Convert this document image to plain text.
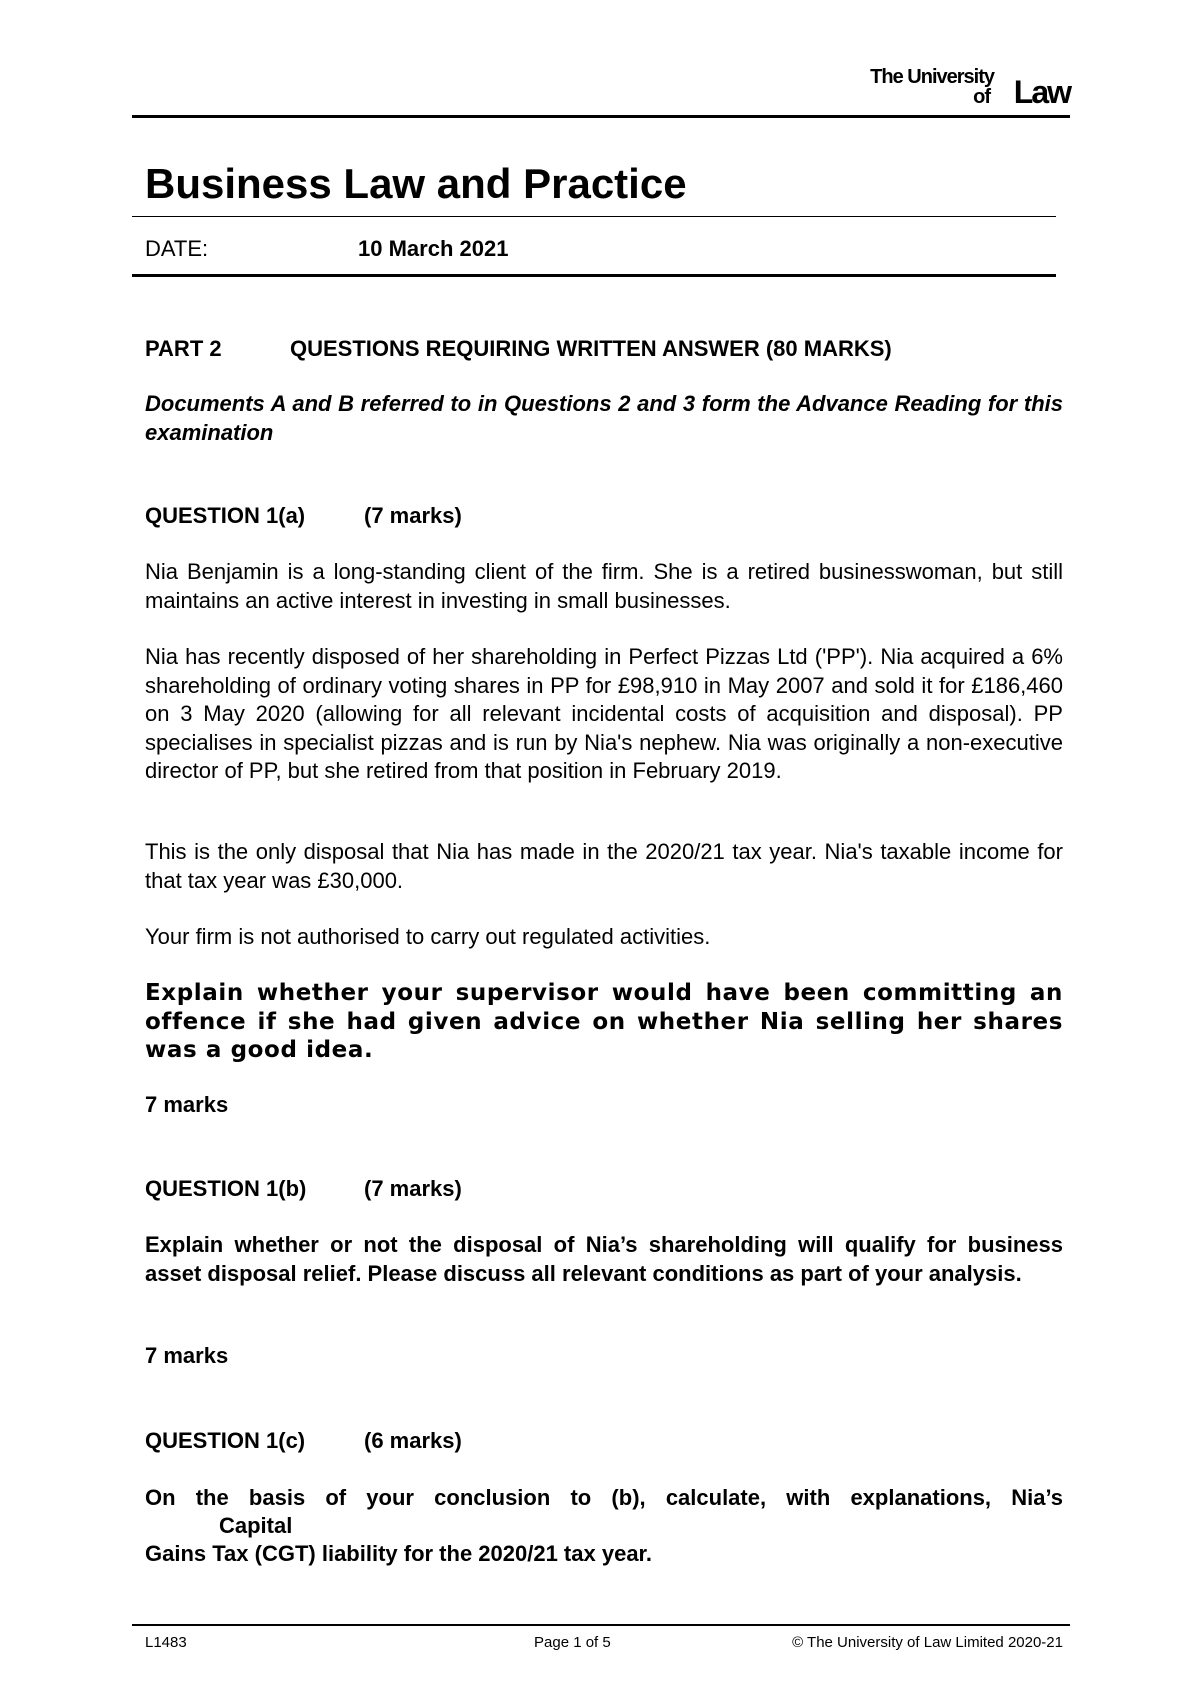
The University
of Law
Business Law and Practice
DATE:	10 March 2021
PART 2	QUESTIONS REQUIRING WRITTEN ANSWER (80 MARKS)
Documents A and B referred to in Questions 2 and 3 form the Advance Reading for this examination
QUESTION 1(a)	(7 marks)
Nia Benjamin is a long-standing client of the firm. She is a retired businesswoman, but still maintains an active interest in investing in small businesses.
Nia has recently disposed of her shareholding in Perfect Pizzas Ltd ('PP'). Nia acquired a 6% shareholding of ordinary voting shares in PP for £98,910 in May 2007 and sold it for £186,460 on 3 May 2020 (allowing for all relevant incidental costs of acquisition and disposal). PP specialises in specialist pizzas and is run by Nia's nephew. Nia was originally a non-executive director of PP, but she retired from that position in February 2019.
This is the only disposal that Nia has made in the 2020/21 tax year. Nia's taxable income for that tax year was £30,000.
Your firm is not authorised to carry out regulated activities.
Explain whether your supervisor would have been committing an offence if she had given advice on whether Nia selling her shares was a good idea.
7 marks
QUESTION 1(b)	(7 marks)
Explain whether or not the disposal of Nia’s shareholding will qualify for business asset disposal relief. Please discuss all relevant conditions as part of your analysis.
7 marks
QUESTION 1(c)	(6 marks)
On the basis of your conclusion to (b), calculate, with explanations, Nia’s
Capital
Gains Tax (CGT) liability for the 2020/21 tax year.
L1483	Page 1 of 5	© The University of Law Limited 2020-21
